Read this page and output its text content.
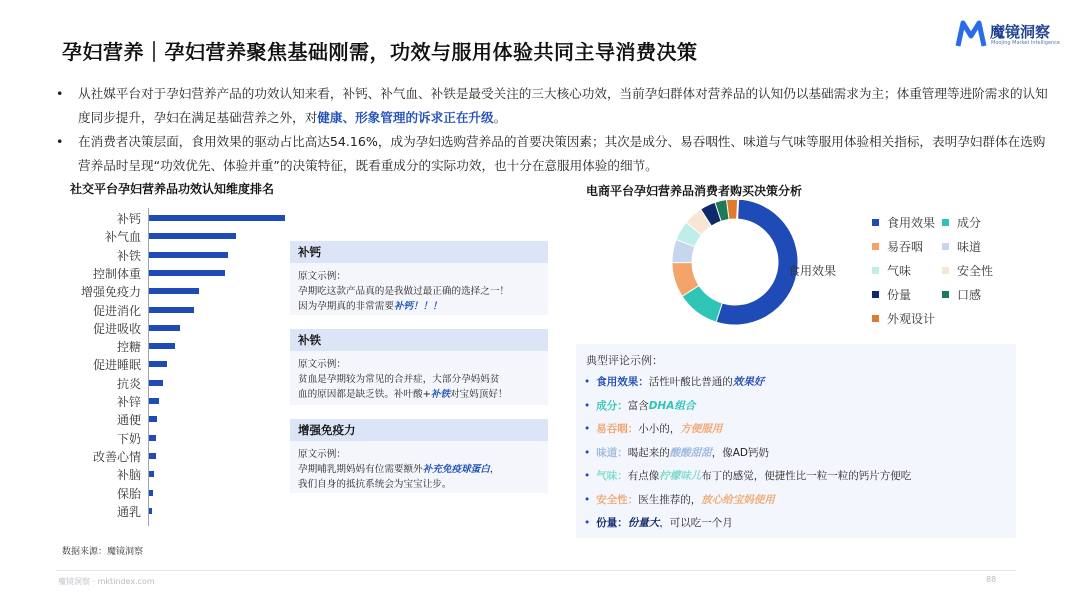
孕妇营养｜孕妇营养聚焦基础刚需，功效与服用体验共同主导消费决策
魔镜洞察
Moojing Market Intelligence
• 从社媒平台对于孕妇营养产品的功效认知来看，补钙、补气血、补铁是最受关注的三大核心功效，当前孕妇群体对营养品的认知仍以基础需求为主；体重管理等进阶需求的认知度同步提升，孕妇在满足基础营养之外，对健康、形象管理的诉求正在升级。
• 在消费者决策层面，食用效果的驱动占比高达54.16%，成为孕妇选购营养品的首要决策因素；其次是成分、易吞咽性、味道与气味等服用体验相关指标，表明孕妇群体在选购营养品时呈现“功效优先、体验并重”的决策特征，既看重成分的实际功效，也十分在意服用体验的细节。
社交平台孕妇营养品功效认知维度排名
补钙
补气血
补铁
控制体重
增强免疫力
促进消化
促进吸收
控糖
促进睡眠
抗炎
补锌
通便
下奶
改善心情
补脑
保胎
通乳
补钙
原文示例：
孕期吃这款产品真的是我做过最正确的选择之一！
因为孕期真的非常需要补钙！！！
补铁
原文示例：
贫血是孕期较为常见的合并症，大部分孕妈妈贫
血的原因都是缺乏铁。补叶酸+补铁对宝妈顶好！
增强免疫力
原文示例：
孕期哺乳期妈妈有位需要额外补充免疫球蛋白，
我们自身的抵抗系统会为宝宝让步。
电商平台孕妇营养品消费者购买决策分析
食用效果
食用效果	成分
易吞咽	味道
气味	安全性
份量	口感
外观设计
典型评论示例：
• 食用效果：活性叶酸比普通的效果好
• 成分：富含DHA组合
• 易吞咽：小小的，方便服用
• 味道：喝起来的酸酸甜甜，像AD钙奶
• 气味：有点像柠檬味儿布丁的感觉，便捷性比一粒一粒的钙片方便吃
• 安全性：医生推荐的，放心给宝妈使用
• 份量：份量大，可以吃一个月
数据来源：魔镜洞察
魔镜洞察 · mktindex.com	88
